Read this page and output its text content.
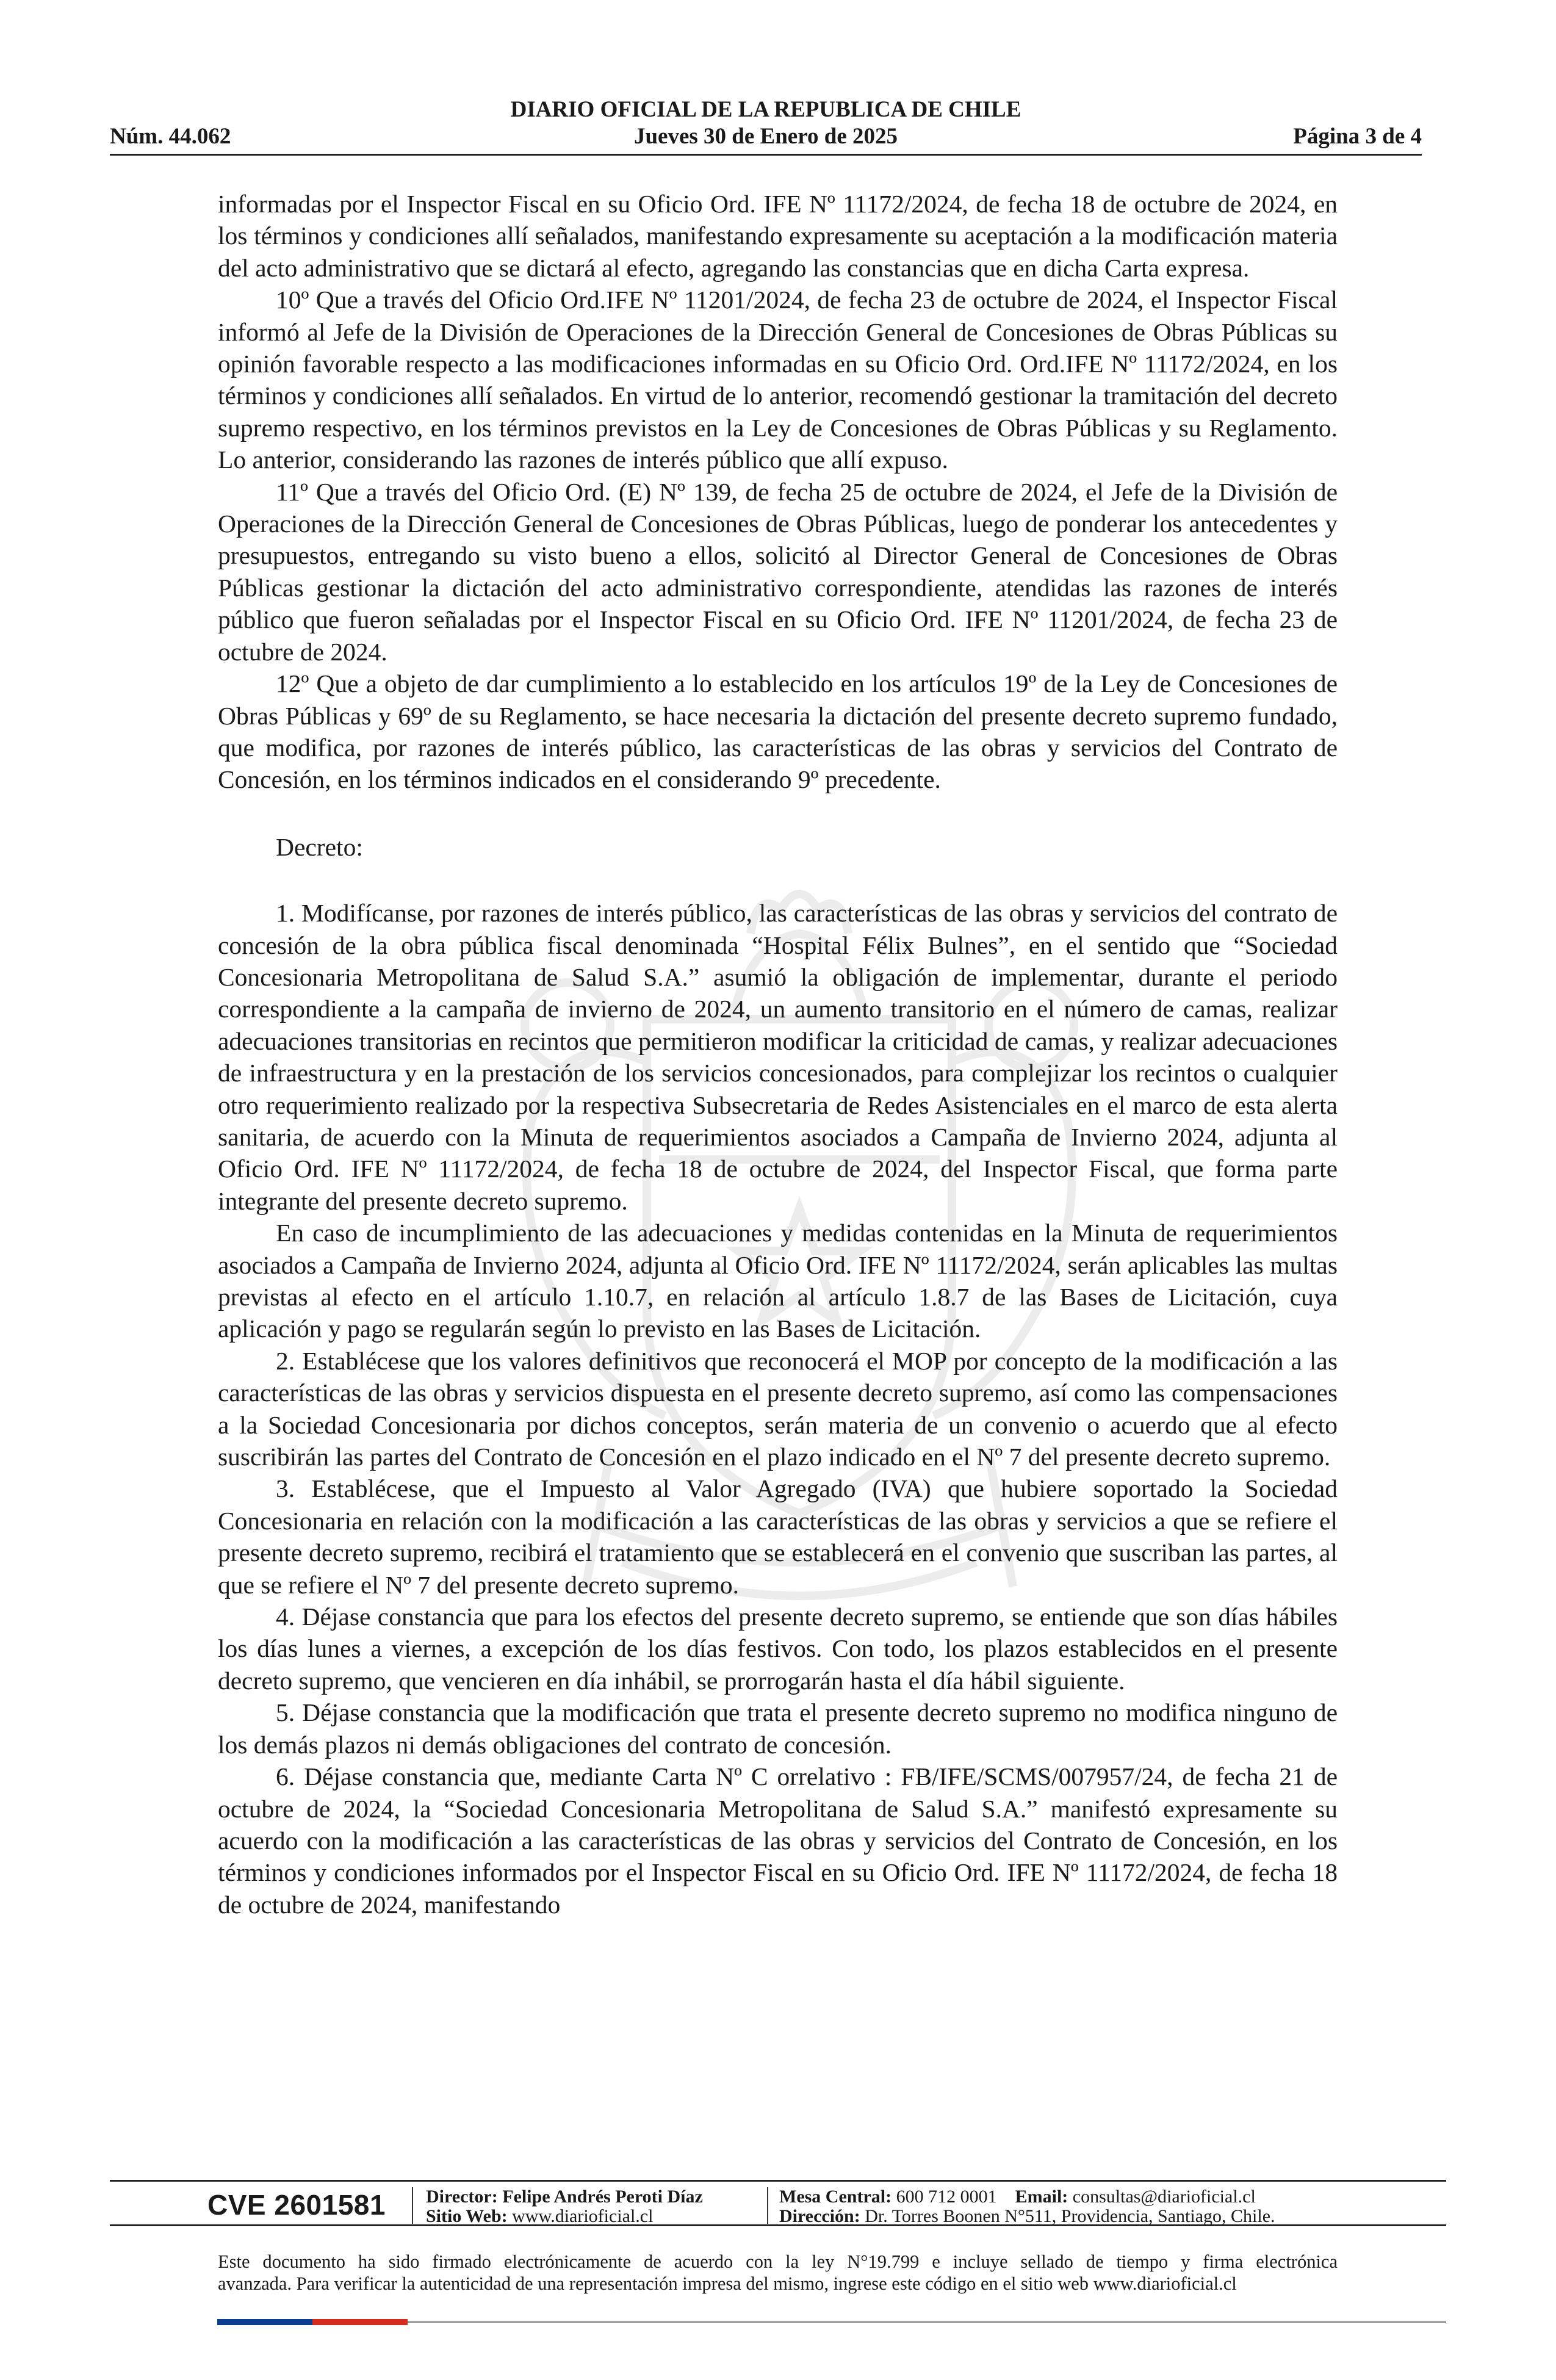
DIARIO OFICIAL DE LA REPUBLICA DE CHILE
Jueves 30 de Enero de 2025
Núm. 44.062	Página 3 de 4

informadas por el Inspector Fiscal en su Oficio Ord. IFE Nº 11172/2024, de fecha 18 de octubre de 2024, en los términos y condiciones allí señalados, manifestando expresamente su aceptación a la modificación materia del acto administrativo que se dictará al efecto, agregando las constancias que en dicha Carta expresa.

10º Que a través del Oficio Ord.IFE Nº 11201/2024, de fecha 23 de octubre de 2024, el Inspector Fiscal informó al Jefe de la División de Operaciones de la Dirección General de Concesiones de Obras Públicas su opinión favorable respecto a las modificaciones informadas en su Oficio Ord. Ord.IFE Nº 11172/2024, en los términos y condiciones allí señalados. En virtud de lo anterior, recomendó gestionar la tramitación del decreto supremo respectivo, en los términos previstos en la Ley de Concesiones de Obras Públicas y su Reglamento. Lo anterior, considerando las razones de interés público que allí expuso.

11º Que a través del Oficio Ord. (E) Nº 139, de fecha 25 de octubre de 2024, el Jefe de la División de Operaciones de la Dirección General de Concesiones de Obras Públicas, luego de ponderar los antecedentes y presupuestos, entregando su visto bueno a ellos, solicitó al Director General de Concesiones de Obras Públicas gestionar la dictación del acto administrativo correspondiente, atendidas las razones de interés público que fueron señaladas por el Inspector Fiscal en su Oficio Ord. IFE Nº 11201/2024, de fecha 23 de octubre de 2024.

12º Que a objeto de dar cumplimiento a lo establecido en los artículos 19º de la Ley de Concesiones de Obras Públicas y 69º de su Reglamento, se hace necesaria la dictación del presente decreto supremo fundado, que modifica, por razones de interés público, las características de las obras y servicios del Contrato de Concesión, en los términos indicados en el considerando 9º precedente.

Decreto:

1. Modifícanse, por razones de interés público, las características de las obras y servicios del contrato de concesión de la obra pública fiscal denominada “Hospital Félix Bulnes”, en el sentido que “Sociedad Concesionaria Metropolitana de Salud S.A.” asumió la obligación de implementar, durante el periodo correspondiente a la campaña de invierno de 2024, un aumento transitorio en el número de camas, realizar adecuaciones transitorias en recintos que permitieron modificar la criticidad de camas, y realizar adecuaciones de infraestructura y en la prestación de los servicios concesionados, para complejizar los recintos o cualquier otro requerimiento realizado por la respectiva Subsecretaria de Redes Asistenciales en el marco de esta alerta sanitaria, de acuerdo con la Minuta de requerimientos asociados a Campaña de Invierno 2024, adjunta al Oficio Ord. IFE Nº 11172/2024, de fecha 18 de octubre de 2024, del Inspector Fiscal, que forma parte integrante del presente decreto supremo.

En caso de incumplimiento de las adecuaciones y medidas contenidas en la Minuta de requerimientos asociados a Campaña de Invierno 2024, adjunta al Oficio Ord. IFE Nº 11172/2024, serán aplicables las multas previstas al efecto en el artículo 1.10.7, en relación al artículo 1.8.7 de las Bases de Licitación, cuya aplicación y pago se regularán según lo previsto en las Bases de Licitación.

2. Establécese que los valores definitivos que reconocerá el MOP por concepto de la modificación a las características de las obras y servicios dispuesta en el presente decreto supremo, así como las compensaciones a la Sociedad Concesionaria por dichos conceptos, serán materia de un convenio o acuerdo que al efecto suscribirán las partes del Contrato de Concesión en el plazo indicado en el Nº 7 del presente decreto supremo.

3. Establécese, que el Impuesto al Valor Agregado (IVA) que hubiere soportado la Sociedad Concesionaria en relación con la modificación a las características de las obras y servicios a que se refiere el presente decreto supremo, recibirá el tratamiento que se establecerá en el convenio que suscriban las partes, al que se refiere el Nº 7 del presente decreto supremo.

4. Déjase constancia que para los efectos del presente decreto supremo, se entiende que son días hábiles los días lunes a viernes, a excepción de los días festivos. Con todo, los plazos establecidos en el presente decreto supremo, que vencieren en día inhábil, se prorrogarán hasta el día hábil siguiente.

5. Déjase constancia que la modificación que trata el presente decreto supremo no modifica ninguno de los demás plazos ni demás obligaciones del contrato de concesión.

6. Déjase constancia que, mediante Carta Nº C orrelativo : FB/IFE/SCMS/007957/24, de fecha 21 de octubre de 2024, la “Sociedad Concesionaria Metropolitana de Salud S.A.” manifestó expresamente su acuerdo con la modificación a las características de las obras y servicios del Contrato de Concesión, en los términos y condiciones informados por el Inspector Fiscal en su Oficio Ord. IFE Nº 11172/2024, de fecha 18 de octubre de 2024, manifestando

CVE 2601581 Director: Felipe Andrés Peroti Díaz
Sitio Web: www.diarioficial.cl
Mesa Central: 600 712 0001 Email: consultas@diarioficial.cl
Dirección: Dr. Torres Boonen N°511, Providencia, Santiago, Chile.
Este documento ha sido firmado electrónicamente de acuerdo con la ley N°19.799 e incluye sellado de tiempo y firma electrónica
avanzada. Para verificar la autenticidad de una representación impresa del mismo, ingrese este código en el sitio web www.diarioficial.cl
